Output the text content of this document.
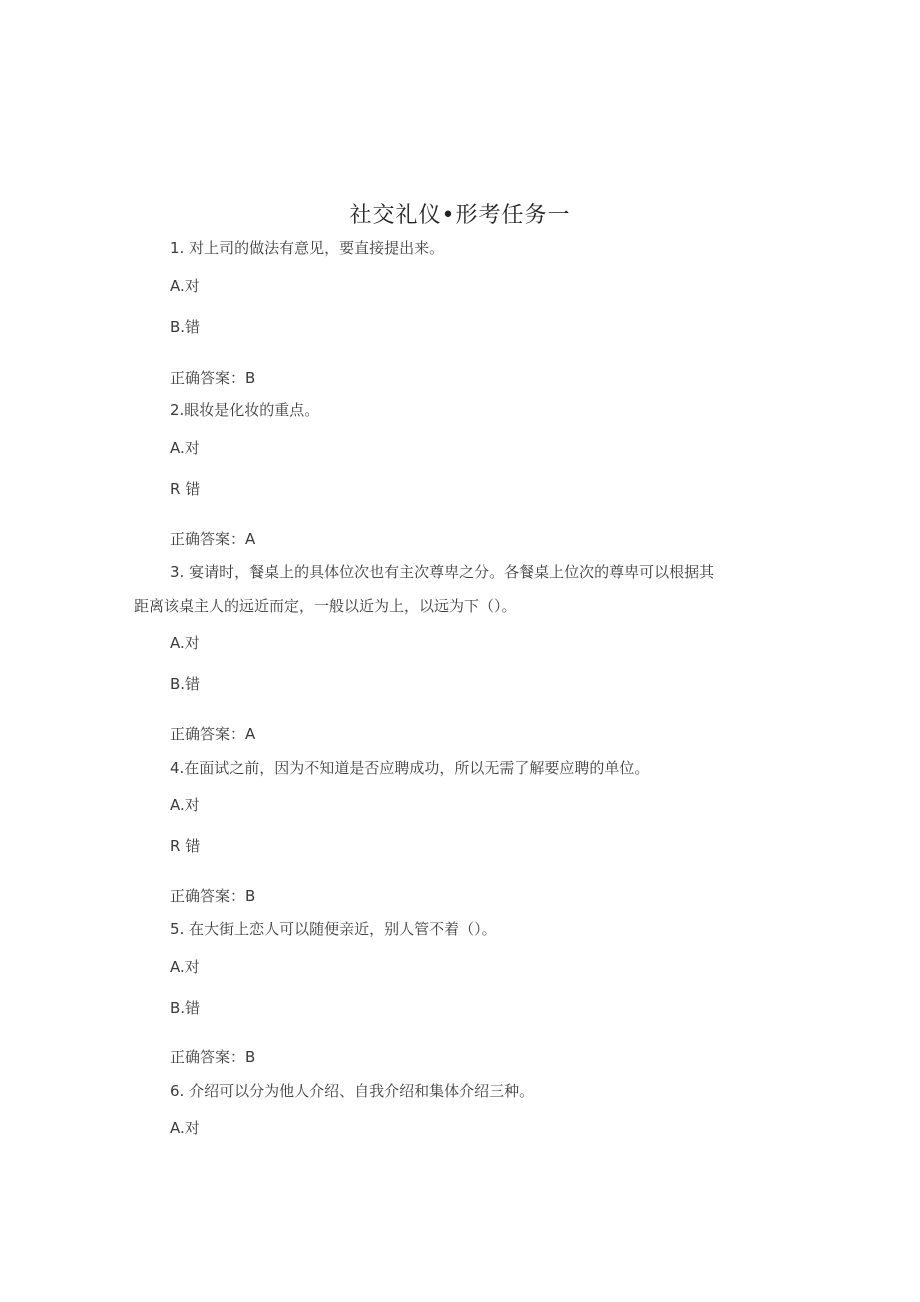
社交礼仪•形考任务一
1. 对上司的做法有意见，要直接提出来。
A.对
B.错
正确答案：B
2.眼妆是化妆的重点。
A.对
R 错
正确答案：A
3. 宴请时，餐桌上的具体位次也有主次尊卑之分。各餐桌上位次的尊卑可以根据其
距离该桌主人的远近而定，一般以近为上，以远为下（）。
A.对
B.错
正确答案：A
4.在面试之前，因为不知道是否应聘成功，所以无需了解要应聘的单位。
A.对
R 错
正确答案：B
5. 在大街上恋人可以随便亲近，别人管不着（）。
A.对
B.错
正确答案：B
6. 介绍可以分为他人介绍、自我介绍和集体介绍三种。
A.对
